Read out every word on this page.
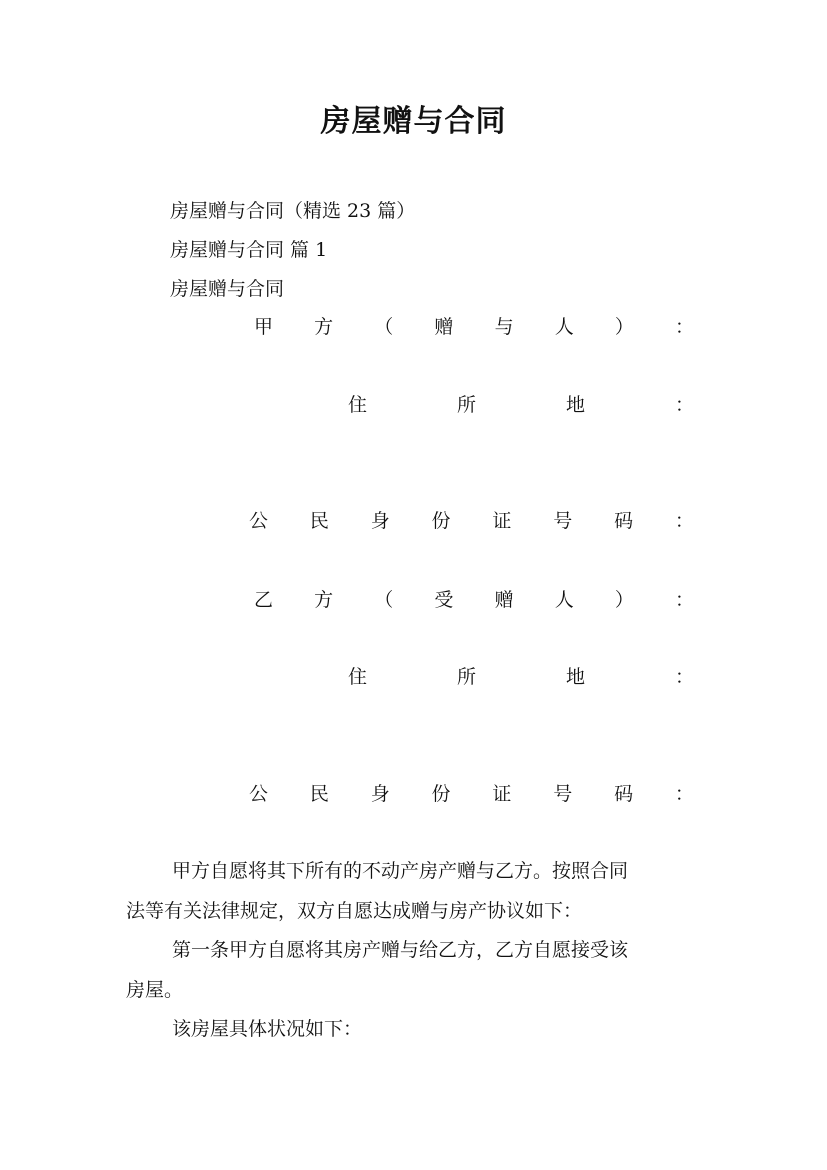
房屋赠与合同
房屋赠与合同（精选 23 篇）
房屋赠与合同 篇 1
房屋赠与合同
甲 方 （ 赠 与 人 ） ：
住	所	地	：
公 民 身 份 证 号 码 ：
乙 方 （ 受 赠 人 ） ：
住	所	地	：
公 民 身 份 证 号 码 ：
甲方自愿将其下所有的不动产房产赠与乙方。按照合同
法等有关法律规定，双方自愿达成赠与房产协议如下：
第一条甲方自愿将其房产赠与给乙方，乙方自愿接受该
房屋。
该房屋具体状况如下：
